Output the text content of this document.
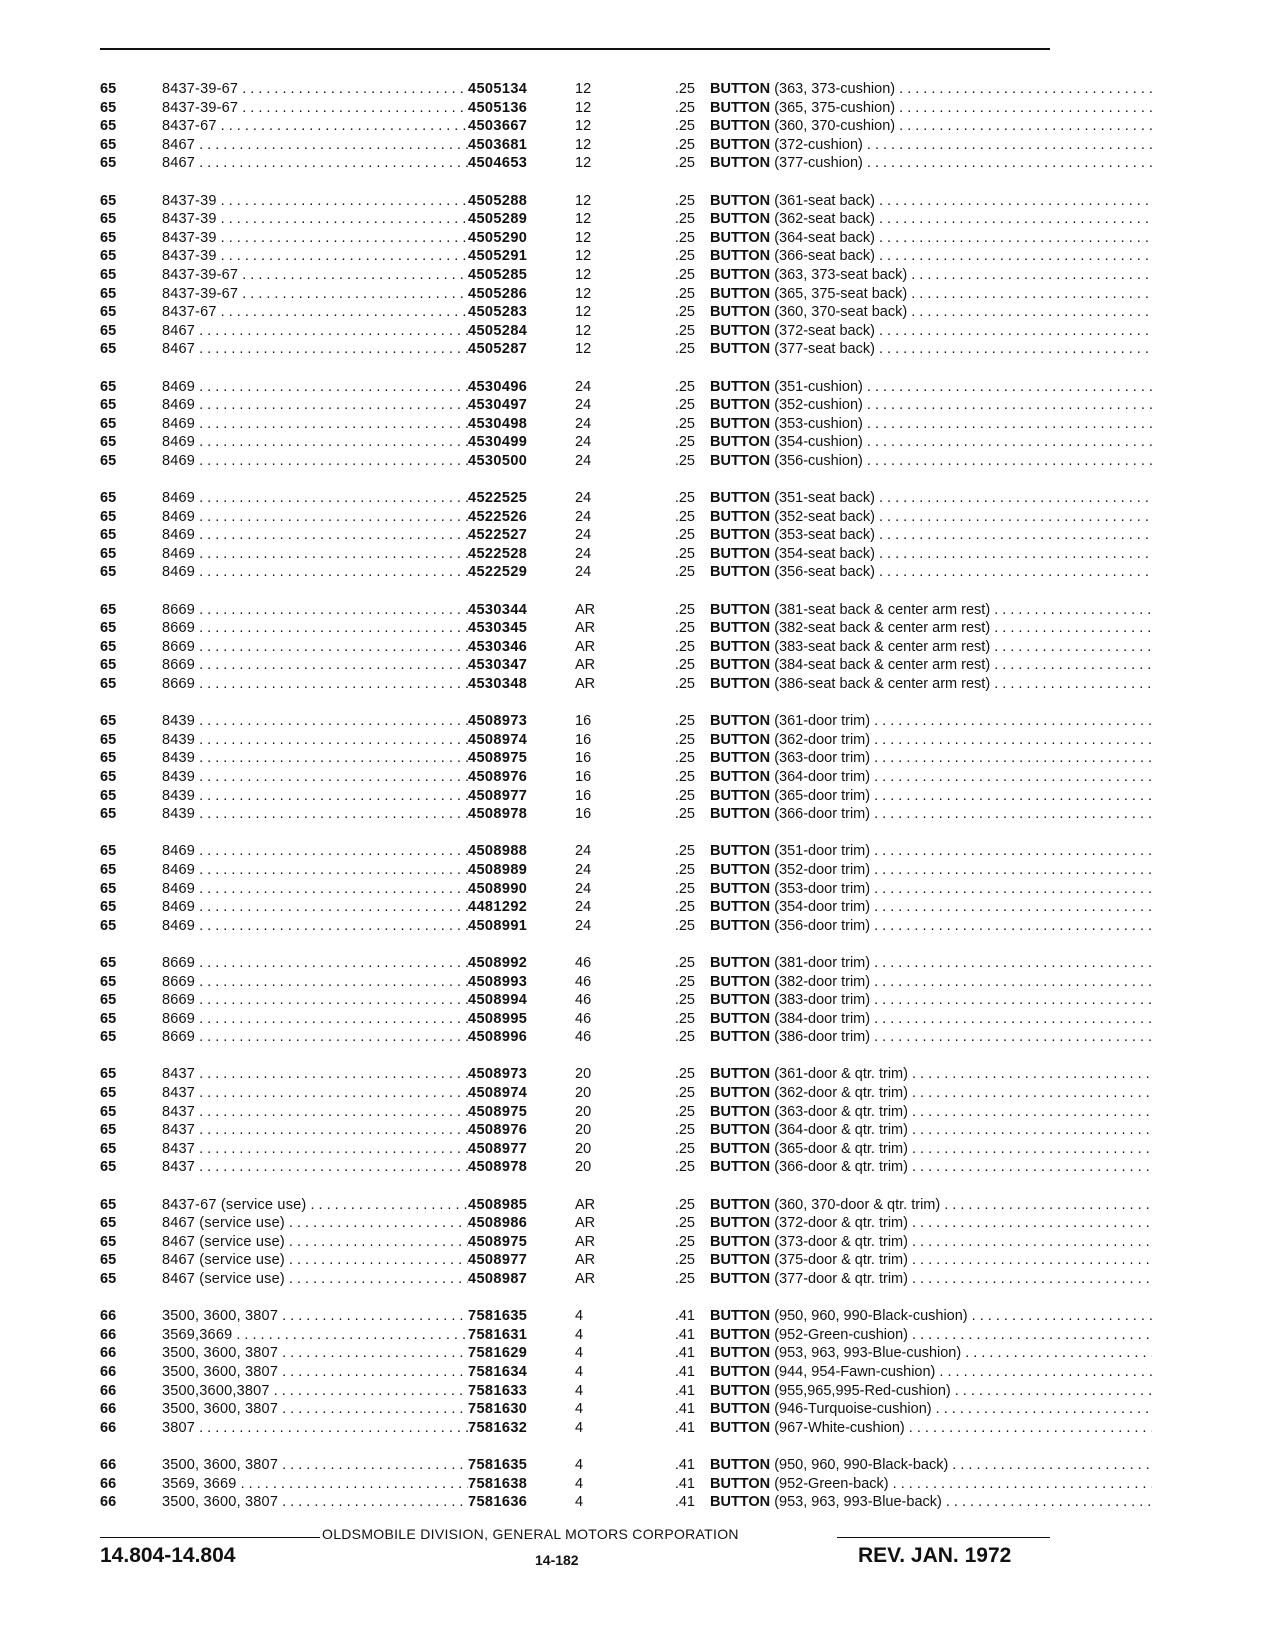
65	8437-39-67 . . .	4505134	12	.25 BUTTON (363, 373-cushion) . . .
65	8437-39-67 . . .	4505136	12	.25 BUTTON (365, 375-cushion) . . .
65	8437-67 . . .	4503667	12	.25 BUTTON (360, 370-cushion) . . .
65	8467 . . .	4503681	12	.25 BUTTON (372-cushion) . . .
65	8467 . . .	4504653	12	.25 BUTTON (377-cushion) . . .
65	8437-39 . . .	4505288	12	.25 BUTTON (361-seat back) . . .
65	8437-39 . . .	4505289	12	.25 BUTTON (362-seat back) . . .
65	8437-39 . . .	4505290	12	.25 BUTTON (364-seat back) . . .
65	8437-39 . . .	4505291	12	.25 BUTTON (366-seat back) . . .
65	8437-39-67 . . .	4505285	12	.25 BUTTON (363, 373-seat back) . . .
65	8437-39-67 . . .	4505286	12	.25 BUTTON (365, 375-seat back) . . .
65	8437-67 . . .	4505283	12	.25 BUTTON (360, 370-seat back) . . .
65	8467 . . .	4505284	12	.25 BUTTON (372-seat back) . . .
65	8467 . . .	4505287	12	.25 BUTTON (377-seat back) . . .
65	8469 . . .	4530496	24	.25 BUTTON (351-cushion) . . .
65	8469 . . .	4530497	24	.25 BUTTON (352-cushion) . . .
65	8469 . . .	4530498	24	.25 BUTTON (353-cushion) . . .
65	8469 . . .	4530499	24	.25 BUTTON (354-cushion) . . .
65	8469 . . .	4530500	24	.25 BUTTON (356-cushion) . . .
65	8469 . . .	4522525	24	.25 BUTTON (351-seat back) . . .
65	8469 . . .	4522526	24	.25 BUTTON (352-seat back) . . .
65	8469 . . .	4522527	24	.25 BUTTON (353-seat back) . . .
65	8469 . . .	4522528	24	.25 BUTTON (354-seat back) . . .
65	8469 . . .	4522529	24	.25 BUTTON (356-seat back) . . .
65	8669 . . .	4530344	AR	.25 BUTTON (381-seat back & center arm rest) . . .
65	8669 . . .	4530345	AR	.25 BUTTON (382-seat back & center arm rest) . . .
65	8669 . . .	4530346	AR	.25 BUTTON (383-seat back & center arm rest) . . .
65	8669 . . .	4530347	AR	.25 BUTTON (384-seat back & center arm rest) . . .
65	8669 . . .	4530348	AR	.25 BUTTON (386-seat back & center arm rest) . . .
65	8439 . . .	4508973	16	.25 BUTTON (361-door trim) . . .
65	8439 . . .	4508974	16	.25 BUTTON (362-door trim) . . .
65	8439 . . .	4508975	16	.25 BUTTON (363-door trim) . . .
65	8439 . . .	4508976	16	.25 BUTTON (364-door trim) . . .
65	8439 . . .	4508977	16	.25 BUTTON (365-door trim) . . .
65	8439 . . .	4508978	16	.25 BUTTON (366-door trim) . . .
65	8469 . . .	4508988	24	.25 BUTTON (351-door trim) . . .
65	8469 . . .	4508989	24	.25 BUTTON (352-door trim) . . .
65	8469 . . .	4508990	24	.25 BUTTON (353-door trim) . . .
65	8469 . . .	4481292	24	.25 BUTTON (354-door trim) . . .
65	8469 . . .	4508991	24	.25 BUTTON (356-door trim) . . .
65	8669 . . .	4508992	46	.25 BUTTON (381-door trim) . . .
65	8669 . . .	4508993	46	.25 BUTTON (382-door trim) . . .
65	8669 . . .	4508994	46	.25 BUTTON (383-door trim) . . .
65	8669 . . .	4508995	46	.25 BUTTON (384-door trim) . . .
65	8669 . . .	4508996	46	.25 BUTTON (386-door trim) . . .
65	8437 . . .	4508973	20	.25 BUTTON (361-door & qtr. trim) . . .
65	8437 . . .	4508974	20	.25 BUTTON (362-door & qtr. trim) . . .
65	8437 . . .	4508975	20	.25 BUTTON (363-door & qtr. trim) . . .
65	8437 . . .	4508976	20	.25 BUTTON (364-door & qtr. trim) . . .
65	8437 . . .	4508977	20	.25 BUTTON (365-door & qtr. trim) . . .
65	8437 . . .	4508978	20	.25 BUTTON (366-door & qtr. trim) . . .
65	8437-67 (service use) . . .	4508985	AR	.25 BUTTON (360, 370-door & qtr. trim) . . .
65	8467 (service use) . . .	4508986	AR	.25 BUTTON (372-door & qtr. trim) . . .
65	8467 (service use) . . .	4508975	AR	.25 BUTTON (373-door & qtr. trim) . . .
65	8467 (service use) . . .	4508977	AR	.25 BUTTON (375-door & qtr. trim) . . .
65	8467 (service use) . . .	4508987	AR	.25 BUTTON (377-door & qtr. trim) . . .
66	3500, 3600, 3807 . . .	7581635	4	.41 BUTTON (950, 960, 990-Black-cushion) . . .
66	3569,3669 . . .	7581631	4	.41 BUTTON (952-Green-cushion) . . .
66	3500, 3600, 3807 . . .	7581629	4	.41 BUTTON (953, 963, 993-Blue-cushion) . . .
66	3500, 3600, 3807 . . .	7581634	4	.41 BUTTON (944, 954-Fawn-cushion) . . .
66	3500,3600,3807 . . .	7581633	4	.41 BUTTON (955,965,995-Red-cushion) . . .
66	3500, 3600, 3807 . . .	7581630	4	.41 BUTTON (946-Turquoise-cushion) . . .
66	3807 . . .	7581632	4	.41 BUTTON (967-White-cushion) . . .
66	3500, 3600, 3807 . . .	7581635	4	.41 BUTTON (950, 960, 990-Black-back) . . .
66	3569, 3669 . . .	7581638	4	.41 BUTTON (952-Green-back) . . .
66	3500, 3600, 3807 . . .	7581636	4	.41 BUTTON (953, 963, 993-Blue-back) . . .
OLDSMOBILE DIVISION, GENERAL MOTORS CORPORATION
14.804-14.804	14-182	REV. JAN. 1972
